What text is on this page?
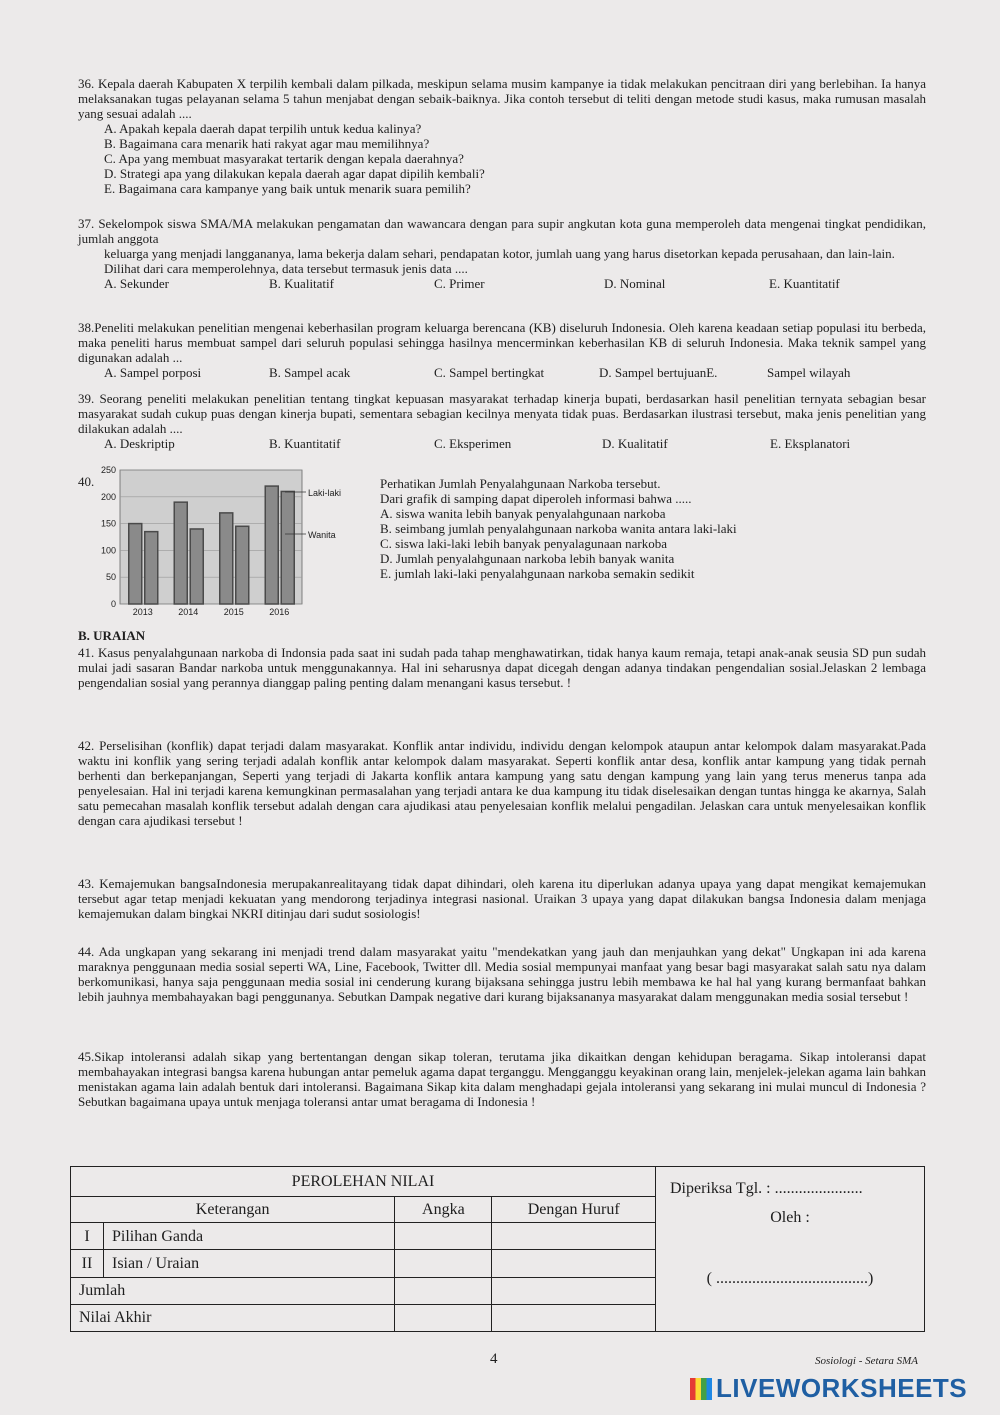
36. Kepala daerah Kabupaten X terpilih kembali dalam pilkada, meskipun selama musim kampanye ia tidak melakukan pencitraan diri yang berlebihan. Ia hanya melaksanakan tugas pelayanan selama 5 tahun menjabat dengan sebaik-baiknya. Jika contoh tersebut di teliti dengan metode studi kasus, maka rumusan masalah yang sesuai adalah ....

A. Apakah kepala daerah dapat terpilih untuk kedua kalinya?
B. Bagaimana cara menarik hati rakyat agar mau memilihnya?
C. Apa yang membuat masyarakat tertarik dengan kepala daerahnya?
D. Strategi apa yang dilakukan kepala daerah agar dapat dipilih kembali?
E. Bagaimana cara kampanye yang baik untuk menarik suara pemilih?

37. Sekelompok siswa SMA/MA melakukan pengamatan dan wawancara dengan para supir angkutan kota guna memperoleh data mengenai tingkat pendidikan, jumlah anggota

keluarga yang menjadi langgananya, lama bekerja dalam sehari, pendapatan kotor, jumlah uang yang harus disetorkan kepada perusahaan, dan lain-lain.

Dilihat dari cara memperolehnya, data tersebut termasuk jenis data ....

A. Sekunder	B. Kualitatif	C. Primer	D. Nominal	E. Kuantitatif

38.Peneliti melakukan penelitian mengenai keberhasilan program keluarga berencana (KB) diseluruh Indonesia. Oleh karena keadaan setiap populasi itu berbeda, maka peneliti harus membuat sampel dari seluruh populasi sehingga hasilnya mencerminkan keberhasilan KB di seluruh Indonesia. Maka teknik sampel yang digunakan adalah ...

A. Sampel porposi	B. Sampel acak	C. Sampel bertingkat	D. Sampel bertujuanE.	Sampel wilayah

39. Seorang peneliti melakukan penelitian tentang tingkat kepuasan masyarakat terhadap kinerja bupati, berdasarkan hasil penelitian ternyata sebagian besar masyarakat sudah cukup puas dengan kinerja bupati, sementara sebagian kecilnya menyata tidak puas. Berdasarkan ilustrasi tersebut, maka jenis penelitian yang dilakukan adalah ....

A. Deskriptip	B. Kuantitatif	C. Eksperimen	D. Kualitatif	E. Eksplanatori
40.
0
50
100
150
200
250
2013	2014	2015	2016
Laki-laki
Wanita

Perhatikan Jumlah Penyalahgunaan Narkoba tersebut.

Dari grafik di samping dapat diperoleh informasi bahwa .....

A. siswa wanita lebih banyak penyalahgunaan narkoba
B. seimbang jumlah penyalahgunaan narkoba wanita antara laki-laki
C. siswa laki-laki lebih banyak penyalagunaan narkoba
D. Jumlah penyalahgunaan narkoba lebih banyak wanita
E. jumlah laki-laki penyalahgunaan narkoba semakin sedikit
B. URAIAN

41. Kasus penyalahgunaan narkoba di Indonsia pada saat ini sudah pada tahap menghawatirkan, tidak hanya kaum remaja, tetapi anak-anak seusia SD pun sudah mulai jadi sasaran Bandar narkoba untuk menggunakannya. Hal ini seharusnya dapat dicegah dengan adanya tindakan pengendalian sosial.Jelaskan 2 lembaga pengendalian sosial yang perannya dianggap paling penting dalam menangani kasus tersebut. !

42. Perselisihan (konflik) dapat terjadi dalam masyarakat. Konflik antar individu, individu dengan kelompok ataupun antar kelompok dalam masyarakat.Pada waktu ini konflik yang sering terjadi adalah konflik antar kelompok dalam masyarakat. Seperti konflik antar desa, konflik antar kampung yang tidak pernah berhenti dan berkepanjangan, Seperti yang terjadi di Jakarta konflik antara kampung yang satu dengan kampung yang lain yang terus menerus tanpa ada penyelesaian. Hal ini terjadi karena kemungkinan permasalahan yang terjadi antara ke dua kampung itu tidak diselesaikan dengan tuntas hingga ke akarnya, Salah satu pemecahan masalah konflik tersebut adalah dengan cara ajudikasi atau penyelesaian konflik melalui pengadilan. Jelaskan cara untuk menyelesaikan konflik dengan cara ajudikasi tersebut !

43. Kemajemukan bangsaIndonesia merupakanrealitayang tidak dapat dihindari, oleh karena itu diperlukan adanya upaya yang dapat mengikat kemajemukan tersebut agar tetap menjadi kekuatan yang mendorong terjadinya integrasi nasional. Uraikan 3 upaya yang dapat dilakukan bangsa Indonesia dalam menjaga kemajemukan dalam bingkai NKRI ditinjau dari sudut sosiologis!

44. Ada ungkapan yang sekarang ini menjadi trend dalam masyarakat yaitu "mendekatkan yang jauh dan menjauhkan yang dekat" Ungkapan ini ada karena maraknya penggunaan media sosial seperti WA, Line, Facebook, Twitter dll. Media sosial mempunyai manfaat yang besar bagi masyarakat salah satu nya dalam berkomunikasi, hanya saja penggunaan media sosial ini cenderung kurang bijaksana sehingga justru lebih membawa ke hal hal yang kurang bermanfaat bahkan lebih jauhnya membahayakan bagi penggunanya. Sebutkan Dampak negative dari kurang bijaksananya masyarakat dalam menggunakan media sosial tersebut !

45.Sikap intoleransi adalah sikap yang bertentangan dengan sikap toleran, terutama jika dikaitkan dengan kehidupan beragama. Sikap intoleransi dapat membahayakan integrasi bangsa karena hubungan antar pemeluk agama dapat terganggu. Mengganggu keyakinan orang lain, menjelek-jelekan agama lain bahkan menistakan agama lain adalah bentuk dari intoleransi. Bagaimana Sikap kita dalam menghadapi gejala intoleransi yang sekarang ini mulai muncul di Indonesia ?Sebutkan bagaimana upaya untuk menjaga toleransi antar umat beragama di Indonesia !

PEROLEHAN NILAI				Diperiksa Tgl. : ......................
Oleh :
( ......................................)

Keterangan		Angka	Dengan Huruf	
I	Pilihan Ganda			
II	Isian / Uraian			
Jumlah				
Nilai Akhir				
4	Sosiologi - Setara SMA
LIVEWORKSHEETS
